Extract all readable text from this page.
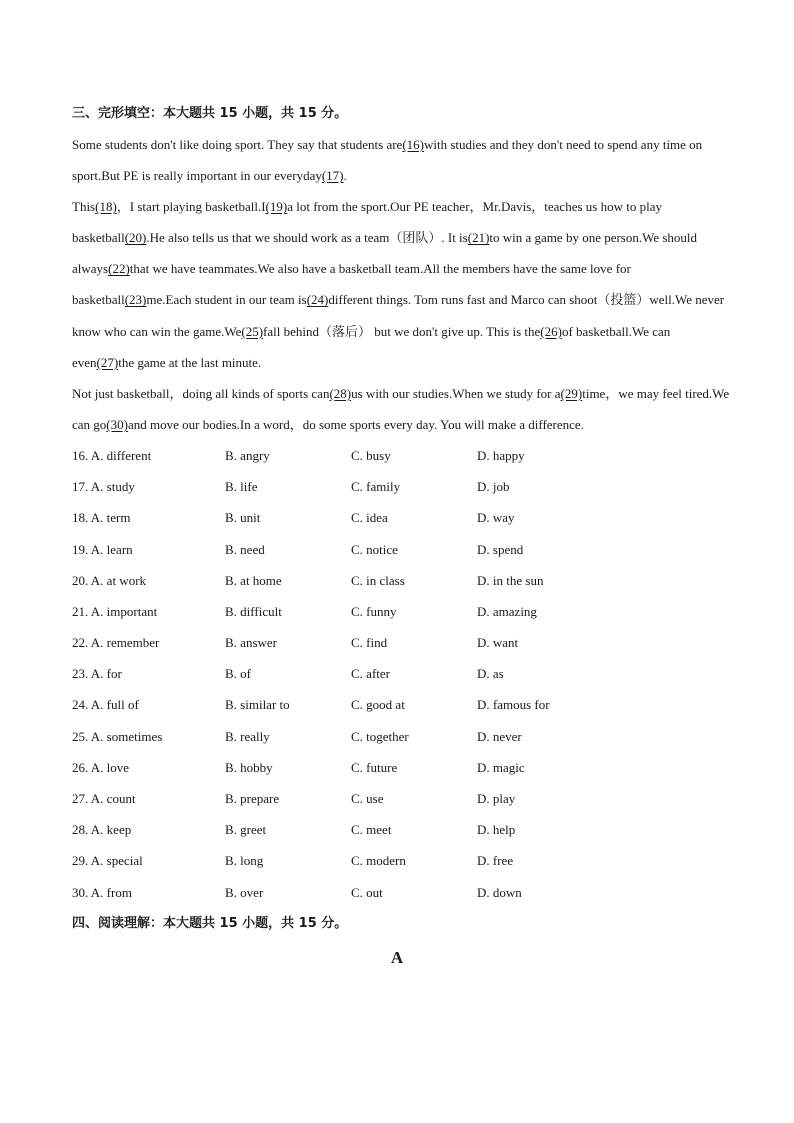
三、完形填空：本大题共 15 小题，共 15 分。
Some students don't like doing sport. They say that students are(16)with studies and they don't need to spend any time on sport.But PE is really important in our everyday(17).
This(18)，I start playing basketball.I(19)a lot from the sport.Our PE teacher，Mr.Davis，teaches us how to play basketball(20).He also tells us that we should work as a team（团队）. It is(21)to win a game by one person.We should always(22)that we have teammates.We also have a basketball team.All the members have the same love for basketball(23)me.Each student in our team is(24)different things. Tom runs fast and Marco can shoot（投篮）well.We never know who can win the game.We(25)fall behind（落后） but we don't give up. This is the(26)of basketball.We can even(27)the game at the last minute.
Not just basketball，doing all kinds of sports can(28)us with our studies.When we study for a(29)time，we may feel tired.We can go(30)and move our bodies.In a word，do some sports every day. You will make a difference.
16. A. different	B. angry	C. busy	D. happy
17. A. study	B. life	C. family	D. job
18. A. term	B. unit	C. idea	D. way
19. A. learn	B. need	C. notice	D. spend
20. A. at work	B. at home	C. in class	D. in the sun
21. A. important	B. difficult	C. funny	D. amazing
22. A. remember	B. answer	C. find	D. want
23. A. for	B. of	C. after	D. as
24. A. full of	B. similar to	C. good at	D. famous for
25. A. sometimes	B. really	C. together	D. never
26. A. love	B. hobby	C. future	D. magic
27. A. count	B. prepare	C. use	D. play
28. A. keep	B. greet	C. meet	D. help
29. A. special	B. long	C. modern	D. free
30. A. from	B. over	C. out	D. down
四、阅读理解：本大题共 15 小题，共 15 分。
A
